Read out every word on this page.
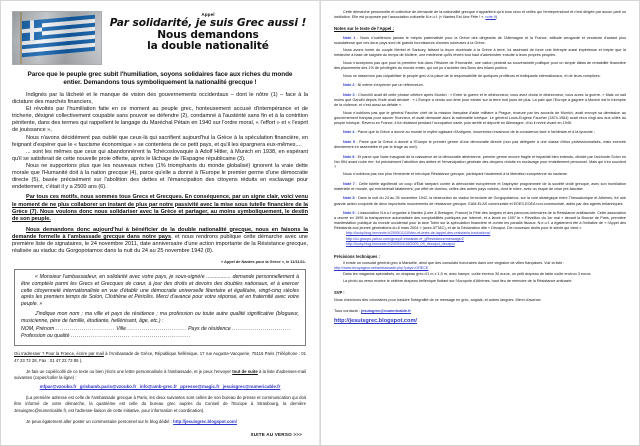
Appel
Par solidarité, je suis Grec aussi !
Nous demandons
la double nationalité
Parce que le peuple grec subit l'humiliation, soyons solidaires face aux riches du monde entier. Demandons tous symboliquement la nationalité grecque !

Indignés par la lâcheté et le manque de vision des gouvernements occidentaux – dont le nôtre (1) – face à la dictature des marchés financiers,

Et révoltés par l'humiliation faite en ce moment au peuple grec, honteusement accusé d'intempérance et de tricherie, désigné collectivement coupable sans pouvoir se défendre (2), condamné à l'austérité sans fin et à la contrition pénitente, dans des termes qui rappellent le langage du Maréchal Pétain en 1940 sur l'ordre moral, « l'effort » et « l'esprit de jouissance »,

Nous n'avons décidément pas oublié que ceux-là qui sacrifient aujourd'hui la Grèce à la spéculation financière, en feignant d'espérer que le « fascisme économique » se contentera de ce petit pays, et qu'il les épargnera eux-mêmes....

... sont les mêmes que ceux qui abandonnèrent la Tchécoslovaquie à Adolf Hitler, à Munich en 1938, en espérant qu'il se satisferait de cette nouvelle proie offerte, après le lâchage de l'Espagne républicaine (3).

Nous ne supportons plus que les nouveaux riches (1% triomphants du monde globalisé) ignorent la vraie dette morale que l'Humanité doit à la nation grecque (4), parce qu'elle a donné à l'Europe le premier germe d'une démocratie directe (5), basée précisément sur l'abolition des dettes et l'émancipation des citoyens réduits en esclavage pour endettement, c'était il y a 2500 ans (6).

Par tous ces motifs, nous sommes tous Grecs et Grecques. En conséquence, par un signe clair, voici venu le moment de ne plus collaborer un instant de plus par notre passivité avec la mise sous tutelle financière de la Grèce (7). Nous voulons donc nous solidariser avec la Grèce et partager, au moins symboliquement, le destin de son peuple.

Nous demandons donc aujourd'hui à bénéficier de la double nationalité grecque, nous en faisons la demande formelle à l'ambassade grecque dans notre pays, et nous rendrons publique cette démarche avec une première liste de signataires, le 24 novembre 2011, date anniversaire d'une action importante de la Résistance grecque, réalisée au viaduc du Gorgopotamos dans la nuit du 24 au 25 novembre 1942 (8).

« Appel de Nantes pour la Grèce », le 11/11/11.

« Monsieur l'ambassadeur, en solidarité avec votre pays, je sous-signé/e ................. demande personnellement à être compté/e parmi les Grecs et Grecques de cœur, à jour des droits et devoirs des doubles nationaux, et à exercer cette citoyenneté internationaliste en vue d'établir une démocratie universelle libertaire et égalitaire, vingt-cinq siècles après les premiers temps de Solon, Clisthène et Périclès. Merci d'avance pour votre réponse, et en fraternité avec votre peuple. »

J'indique mon nom ; ma ville et pays de résidence ; ma profession ou toute autre qualité significative (blogueur, musicienne, père de famille, étudiante, hellénisant, âge, etc.) :

NOM, Prénom ............................. Ville ............................. Pays de résidence .............................
Profession ou qualité ............................. .............................
Où s'adresser ? Pour la France, écrire par mail à l'Ambassade de Grèce, République hellénique, 17 rue Auguste-Vacquerie, 75116 Paris (Téléphone : 01 47 23 72 28, Fax : 01 47 23 73 85 ).
Je fais un copié/collé de ce texte ou bien j'écris une lettre personnalisée à l'ambassade, et je peux l'envoyer tout de suite à la liste d'adresses-mail suivantes (copier/coller la ligne) :
mfpar@vzouko.fr grisbamb.paris@vzouko.fr info@amb-grec.fr ppresse@magic.fr jesuisgrec@numericable.fr
(La première adresse est celle de l'ambassade grecque à Paris, les deux suivantes sont celles de son bureau de presse et communication qui doit être informé de votre démarche, la quatrième est celle du bureau grec auprès du Conseil de l'Europe à Strasbourg, la dernière Jesuisgrec@numericable.fr, est l'adresse-liaison de cette initiative, pour information et coordination).
Je peux également aller poster un commentaire personnel sur le blog dédié : http://jesuisgrec.blogspot.com/
SUITE AU VERSO >>>

Cette démarche personnelle et collective de demande de la nationalité grecque n'appartient qu'à tous ceux et celles qui l'entreprendront et n'est dirigée par aucun parti ou institution. Elle est proposée par l'association culturelle N.e.u.f. (« Nantes Est Une Fête ! », note 9)

Notes sur le texte de l'Appel :

Note 1 : Nous n'oublierons jamais le mépris paternaliste pour la Grèce des dirigeants de l'Allemagne et la France, attitude arrogante et vexatoire d'autant plus scandaleuse que ces deux pays sont de grands fournisseurs d'armes ruineuses à la Grèce.

Nous avons honte du couple Merkel et Sarkozy, faisant la leçon doctrinale à la Grèce à terre, lui assénant de force une thérapie aussi impérieuse et inepte que la médecine à base de saignée du temps de Molière, une médecine qu'ils rêvent tout haut d'administrer ensuite à leurs propres peuples.

Nous n'acceptons pas que pour la première fois dans l'Histoire de l'Humanité, une nation perdrait sa souveraineté politique pour un simple diktat de rentabilité financière des placements des 1% de privilégiés du monde entier, qui ont pu s'acheter des Bons des bilans publics.

Nous ne laisserons pas culpabiliser le peuple grec à la place de la responsabilité de quelques profiteurs et trafiquants internationaux, et de leurs complices.

Note 2 : Ni même s'exprimer par un référendum.

Note 3 : Churchill avait dit cette phrase célèbre après Munich : « Entre la guerre et le déshonneur, vous avez choisi le déshonneur, vous aurez la guerre. » Mais on sait moins que Gandhi depuis l'Inde avait déclaré : « L'Europe a vendu son âme pour exister sur la terre huit jours de plus. La paix que l'Europe a gagnée à Munich est le triomphe de la violence, et c'est aussi sa défaite ».

Nous n'oublions pas que le général Faucher chef de la mission française d'aide militaire à Prague, écœuré par les accords de Munich, avait envoyé sa démission au gouvernement français pour sauver l'honneur, et avait demandé alors la nationalité tchèque. Le général Louis-Eugène Faucher (1874-1964) avait vécu vingt ans aux côtés du peuple tchèque. Revenu en France, il fut résistant pendant l'occupation nazie, puis arrêté et déporté en Allemagne, d'où il revint vivant en 1945.

Note 4 : Parce que la Grèce a donné au monde le mythe agissant d'Antigone, insurrection invaincue de la conscience face à l'arbitraire et à la tyrannie ;

Note 5 : Parce que la Grèce a donné à l'Europe le premier germe d'une démocratie directe (non pas déléguée à une classe d'élus professionnalisés, mais exercée directement en assemblée et par le tirage au sort).

Note 6 : Et parce que l'acte inaugural de la naissance de la démocratie athénienne, premier germe encore fragile et imparfait bien entendu, décidé par l'archonte Solon en l'an 594 avant notre ère, fut précisément l'abolition des dettes et l'émancipation générale des citoyens réduits en esclavage pour endettement personnel. Mais qui s'en souvient ?

Nous n'oublions pas non plus l'éminente et héroïque Résistance grecque, participant hautement à la libération européenne du nazisme.

Note 7 : Cette tutelle signifierait un coup d'État rampant contre la démocratie européenne et l'asphyxie programmée de la société civile grecque, avec son humiliation matérielle et morale, qui entraînerait fatalement, par effet de domino, celles des autres pays voisins, dont le nôtre, avec un risque de crise pré-fasciste.

Note 8 : Dans la nuit du 24 au 25 novembre 1942, la destruction du viaduc ferroviaire de Gorgopotamos, sur la voie stratégique entre Thessalonique et Athènes, fut une grande action conjointe de deux importants mouvements de résistance grecque, EAM-ELAS communiste et EDES-EOEA non-communiste, aidés par des agents britanniques.

Note 9 : L'association N.e.u.f organise à Nantes (Loire & Bretagne, France) la Fête des langues et des parcours-mémoires de la Résistance antifasciste. Cette association a œuvré en 1995 la transparence automatisée des comptabilités publiques par Internet, et a lancé en 1997 le « Réveillon du 1er mai » devant la Bourse de Paris, première manifestation publique du monde occidental pour la taxe Tobin sur la spéculation financière et contre les paradis fiscaux. N.e.u.f. a également été à l'initiative de « l'Appel des Résistants aux jeunes générations du 8 mars 2004 » (avec ATTAC), et de la Déclaration dite « Décapol, Dix nouveaux droits pour le siècle qui vient ».

http://lucky.blog.lemonde.fr/2005/11/10/dec-et-texte-de-lappel-des-resistants-traductions/
http://ici.groups.yahoo.com/group/l-extasiste-et_gResistance/message/2
http://lucky.blog.lemonde.fr/2005/04/18/2005_09_decapol_decapol
Précisions techniques :

Il existe un consulat général grec à Marseille, ainsi que des consulats honoraires dans une vingtaine de villes françaises. Voir la liste :

http://www.levoyageur.net/ambassade.php?pays=GRECE

Dans les magasins spécialisés, un drapeau grec d'1 m x 1,5 m, avec hampe, coûte environ 30 euros, un petit drapeau de table coûte environ 3 euros.

La photo au verso montre le célèbre drapeau hellénique flottant sur l'Acropole d'Athènes, haut lieu de mémoire de la Résistance antinazie.

SVP :

Nous cherchons des volontaires pour traduire l'intégralité de ce message en grec, anglais, et autres langues. Merci d'avance.

Tous contacts : jesuisgrec@numericable.fr
http://jesuisgrec.blogspot.com/
